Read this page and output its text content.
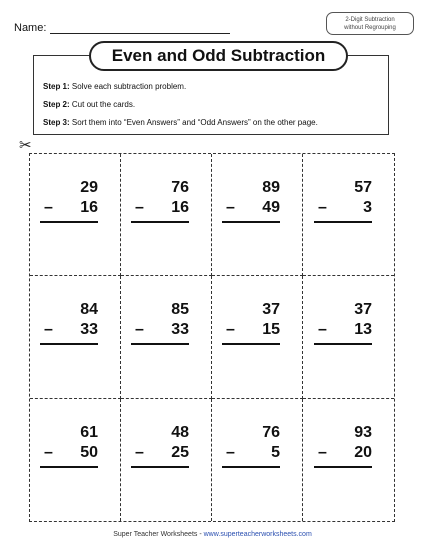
Name:
2-Digit Subtraction
without Regrouping
Even and Odd Subtraction
Step 1: Solve each subtraction problem.
Step 2: Cut out the cards.
Step 3: Sort them into “Even Answers” and “Odd Answers” on the other page.
✂
29
– 16
76
– 16
89
– 49
57
– 3
84
– 33
85
– 33
37
– 15
37
– 13
61
– 50
48
– 25
76
– 5
93
– 20
Super Teacher Worksheets - www.superteacherworksheets.com
